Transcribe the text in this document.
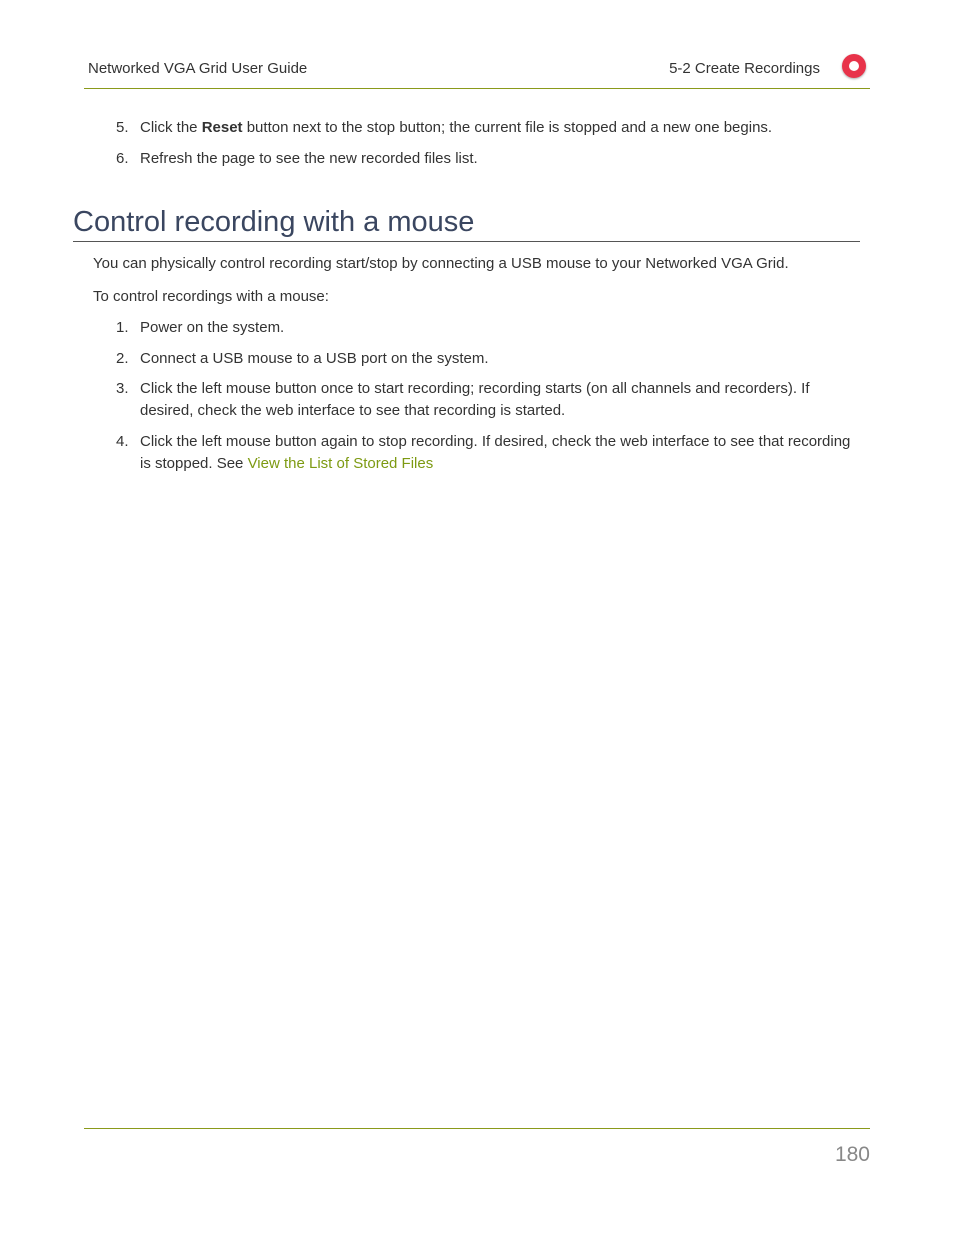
Networked VGA Grid User Guide	5-2 Create Recordings
5. Click the Reset button next to the stop button; the current file is stopped and a new one begins.
6. Refresh the page to see the new recorded files list.
Control recording with a mouse
You can physically control recording start/stop by connecting a USB mouse to your Networked VGA Grid.
To control recordings with a mouse:
1. Power on the system.
2. Connect a USB mouse to a USB port on the system.
3. Click the left mouse button once to start recording; recording starts (on all channels and recorders). If desired, check the web interface to see that recording is started.
4. Click the left mouse button again to stop recording. If desired, check the web interface to see that recording is stopped. See View the List of Stored Files
180
